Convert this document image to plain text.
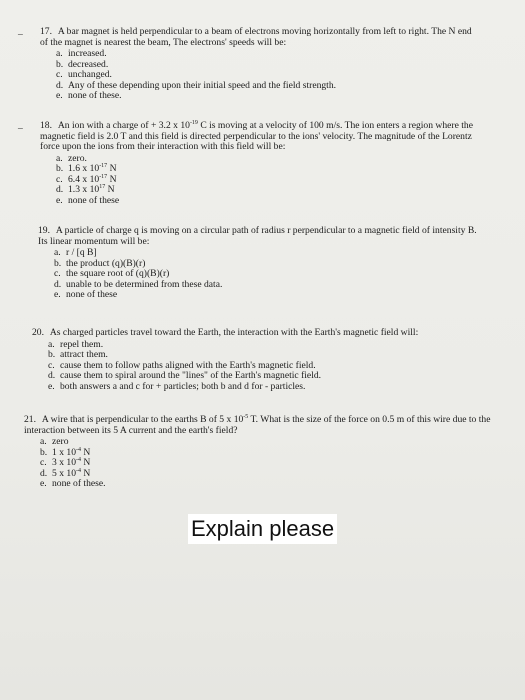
_ 17. A bar magnet is held perpendicular to a beam of electrons moving horizontally from left to right. The N end of the magnet is nearest the beam, The electrons' speeds will be:
a. increased.
b. decreased.
c. unchanged.
d. Any of these depending upon their initial speed and the field strength.
e. none of these.
_ 18. An ion with a charge of + 3.2 x $10^{-19}$ C is moving at a velocity of 100 m/s. The ion enters a region where the magnetic field is 2.0 T and this field is directed perpendicular to the ions' velocity. The magnitude of the Lorentz force upon the ions from their interaction with this field will be:
a. zero.
b. 1.6 x $10^{-17}$ N
c. 6.4 x $10^{-17}$ N
d. 1.3 x $10^{17}$ N
e. none of these
19. A particle of charge q is moving on a circular path of radius r perpendicular to a magnetic field of intensity B. Its linear momentum will be:
a. r / [q B]
b. the product (q)(B)(r)
c. the square root of (q)(B)(r)
d. unable to be determined from these data.
e. none of these
20. As charged particles travel toward the Earth, the interaction with the Earth's magnetic field will:
a. repel them.
b. attract them.
c. cause them to follow paths aligned with the Earth's magnetic field.
d. cause them to spiral around the "lines" of the Earth's magnetic field.
e. both answers a and c for + particles; both b and d for - particles.
21. A wire that is perpendicular to the earths B of 5 x $10^{-5}$ T. What is the size of the force on 0.5 m of this wire due to the interaction between its 5 A current and the earth's field?
a. zero
b. 1 x $10^{-4}$ N
c. 3 x $10^{-4}$ N
d. 5 x $10^{-4}$ N
e. none of these.
Explain please
